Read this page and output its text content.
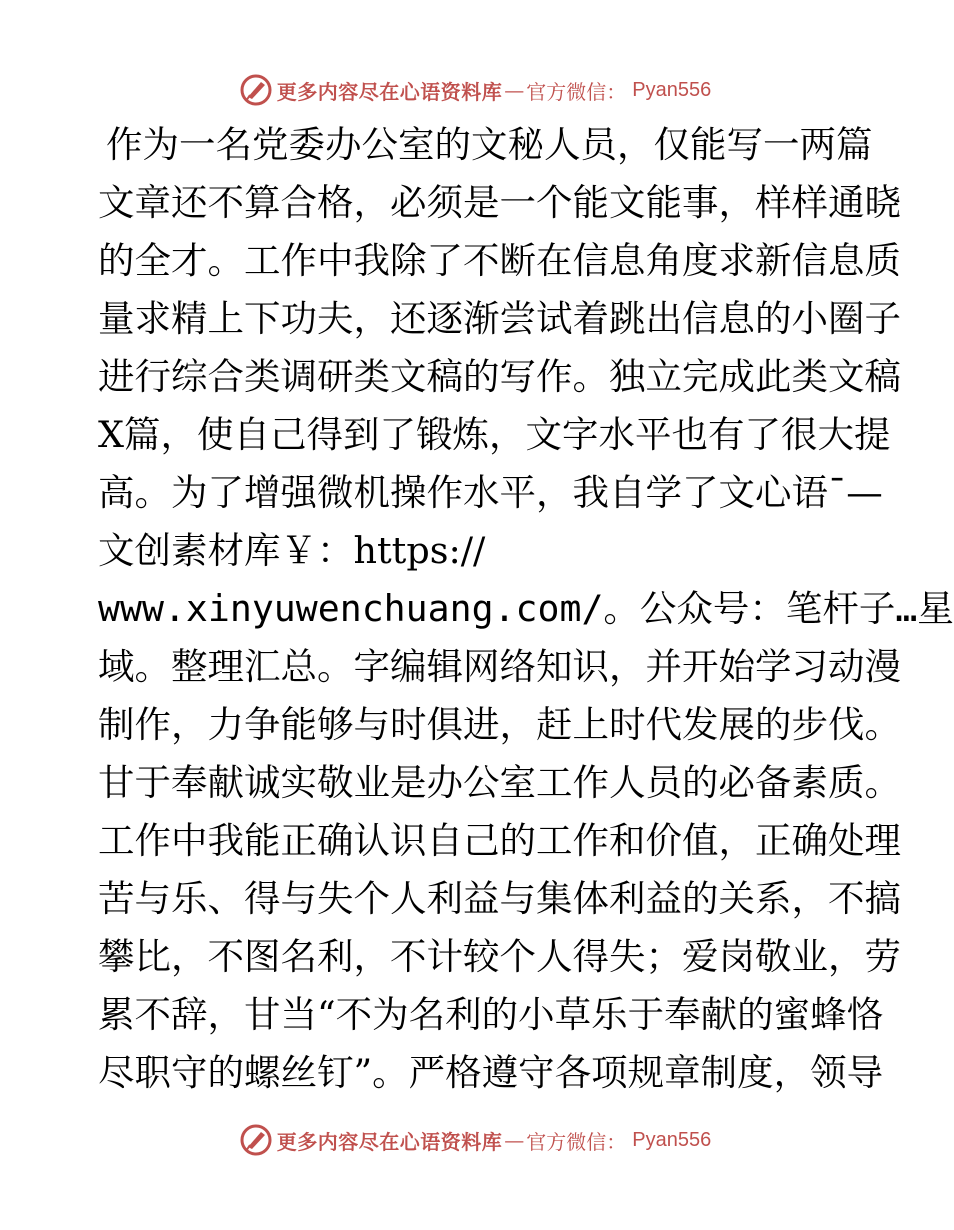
更多内容尽在心语资料库 — 官方微信： Pyan556
作为一名党委办公室的文秘人员，仅能写一两篇
文章还不算合格，必须是一个能文能事，样样通晓
的全才。工作中我除了不断在信息角度求新信息质
量求精上下功夫，还逐渐尝试着跳出信息的小圈子
进行综合类调研类文稿的写作。独立完成此类文稿
X篇，使自己得到了锻炼，文字水平也有了很大提
高。为了增强微机操作水平，我自学了文心语¯—
文创素材库￥：https://
www.xinyuwenchuang.com/。公众号：笔杆子…星
域。整理汇总。字编辑网络知识，并开始学习动漫
制作，力争能够与时俱进，赶上时代发展的步伐。
甘于奉献诚实敬业是办公室工作人员的必备素质。
工作中我能正确认识自己的工作和价值，正确处理
苦与乐、得与失个人利益与集体利益的关系，不搞
攀比，不图名利，不计较个人得失；爱岗敬业，劳
累不辞，甘当“不为名利的小草乐于奉献的蜜蜂恪
尽职守的螺丝钉”。严格遵守各项规章制度，领导
更多内容尽在心语资料库 — 官方微信： Pyan556
